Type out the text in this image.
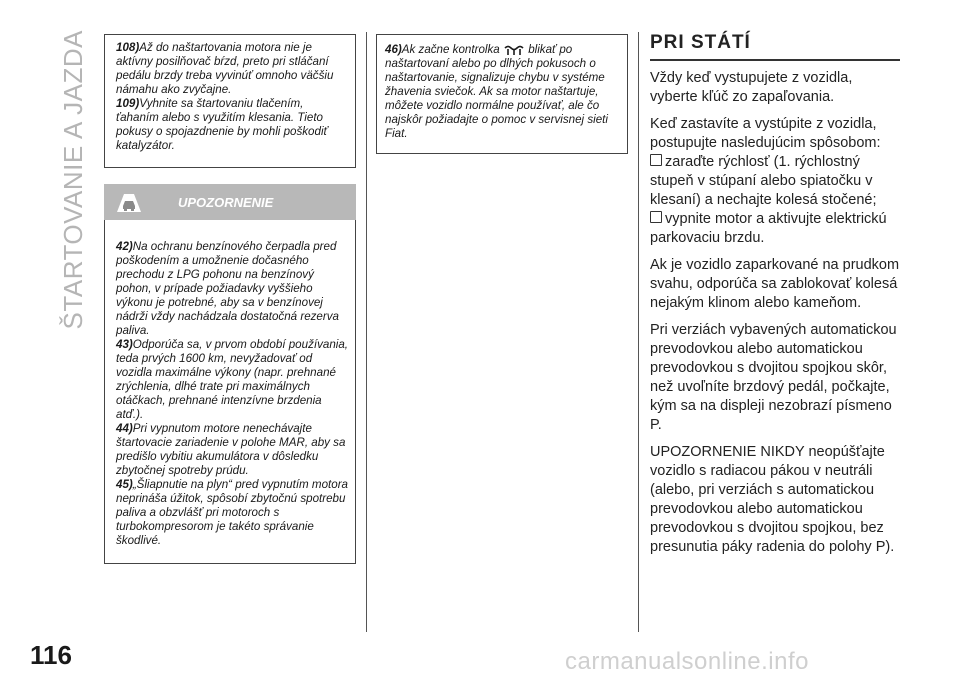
ŠTARTOVANIE A JAZDA 108)Až do naštartovania motora nie je aktívny posilňovač bŕzd, preto pri stláčaní pedálu brzdy treba vyvinúť omnoho väčšiu námahu ako zvyčajne.

109)Vyhnite sa štartovaniu tlačením, ťahaním alebo s využitím klesania. Tieto pokusy o spojazdnenie by mohli poškodiť katalyzátor.

UPOZORNENIE

42)Na ochranu benzínového čerpadla pred poškodením a umožnenie dočasného prechodu z LPG pohonu na benzínový pohon, v prípade požiadavky vyššieho výkonu je potrebné, aby sa v benzínovej nádrži vždy nachádzala dostatočná rezerva paliva.

43)Odporúča sa, v prvom období používania, teda prvých 1600 km, nevyžadovať od vozidla maximálne výkony (napr. prehnané zrýchlenia, dlhé trate pri maximálnych otáčkach, prehnané intenzívne brzdenia atď.).

44)Pri vypnutom motore nenechávajte štartovacie zariadenie v polohe MAR, aby sa predišlo vybitiu akumulátora v dôsledku zbytočnej spotreby prúdu.

45)„Šliapnutie na plyn“ pred vypnutím motora neprináša úžitok, spôsobí zbytočnú spotrebu paliva a obzvlášť pri motoroch s turbokompresorom je takéto správanie škodlivé.

46)Ak začne kontrolka blikať po naštartovaní alebo po dlhých pokusoch o naštartovanie, signalizuje chybu v systéme žhavenia sviečok. Ak sa motor naštartuje, môžete vozidlo normálne používať, ale čo najskôr požiadajte o pomoc v servisnej sieti Fiat.

PRI STÁTÍ

Vždy keď vystupujete z vozidla, vyberte kľúč zo zapaľovania.

Keď zastavíte a vystúpite z vozidla, postupujte nasledujúcim spôsobom:

zaraďte rýchlosť (1. rýchlostný stupeň v stúpaní alebo spiatočku v klesaní) a nechajte kolesá stočené;

vypnite motor a aktivujte elektrickú parkovaciu brzdu.

Ak je vozidlo zaparkované na prudkom svahu, odporúča sa zablokovať kolesá nejakým klinom alebo kameňom.

Pri verziách vybavených automatickou prevodovkou alebo automatickou prevodovkou s dvojitou spojkou skôr, než uvoľníte brzdový pedál, počkajte, kým sa na displeji nezobrazí písmeno P.

UPOZORNENIE NIKDY neopúšťajte vozidlo s radiacou pákou v neutráli (alebo, pri verziách s automatickou prevodovkou alebo automatickou prevodovkou s dvojitou spojkou, bez presunutia páky radenia do polohy P).

116	carmanualsonline.info
